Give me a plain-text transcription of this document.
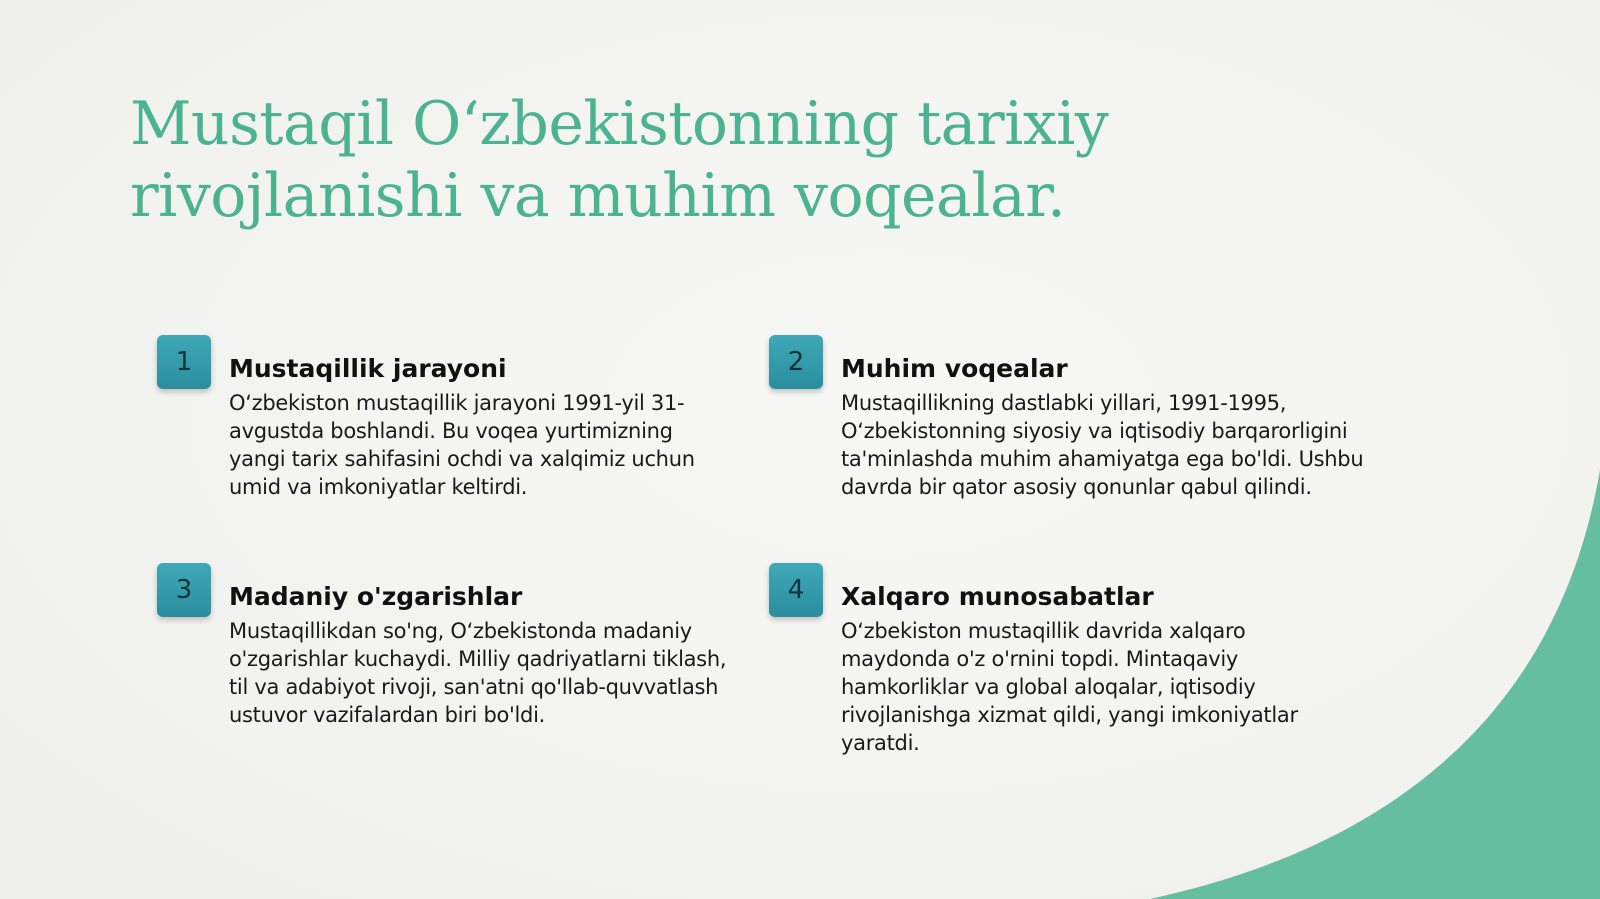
Mustaqil O‘zbekistonning tarixiy rivojlanishi va muhim voqealar.
1	Mustaqillik jarayoni

O‘zbekiston mustaqillik jarayoni 1991-yil 31-avgustda boshlandi. Bu voqea yurtimizning yangi tarix sahifasini ochdi va xalqimiz uchun umid va imkoniyatlar keltirdi.

2	Muhim voqealar

Mustaqillikning dastlabki yillari, 1991-1995, O‘zbekistonning siyosiy va iqtisodiy barqarorligini ta'minlashda muhim ahamiyatga ega bo'ldi. Ushbu davrda bir qator asosiy qonunlar qabul qilindi.

3	Madaniy o'zgarishlar

Mustaqillikdan so'ng, O‘zbekistonda madaniy o'zgarishlar kuchaydi. Milliy qadriyatlarni tiklash, til va adabiyot rivoji, san'atni qo'llab-quvvatlash ustuvor vazifalardan biri bo'ldi.

4	Xalqaro munosabatlar

O‘zbekiston mustaqillik davrida xalqaro maydonda o'z o'rnini topdi. Mintaqaviy hamkorliklar va global aloqalar, iqtisodiy rivojlanishga xizmat qildi, yangi imkoniyatlar yaratdi.
